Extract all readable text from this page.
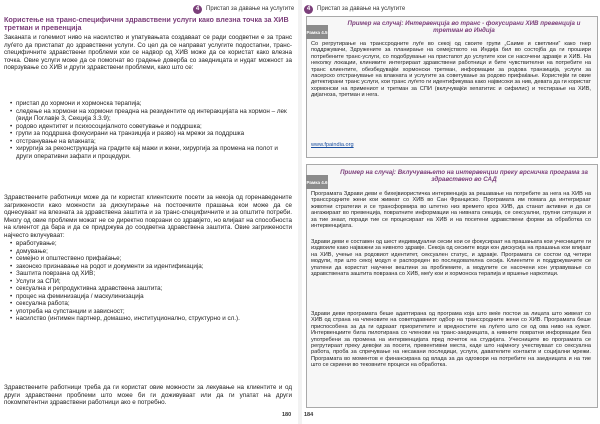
4	Пристап за давање на услугите
Користење на транс-специфични здравствени услуги како влезна точка за ХИВ третман и превенција
Заканата и големиот ниво на насилство и упатувањата создаваат се ради соодветни е за транс луѓето да пристапат до здравствени услуги. Со цел да се направат услугите подостапни, транс-специфичните здравствени проблеми кои се надвор од ХИВ може да се користат како влезна точка. Овие услуги може да се помогнат во градење доверба со заедницата и нудат можност за поврзување со ХИВ и други здравствени проблеми, како што се:
• пристап до хормони и хормонска терапија;
• следење на хормони на хормони преадна на резидентите од интеракцијата на хормон – лек (види Поглавје 3, Секција 3.3.9);
• родово идентитет и психосоцијалното советување и поддршка;
• групи за поддршка фокусирани на транзиција и разво) на мрежи за поддршка
• отстранување на влакната;
• хирургија за реконструкција на градите кај мажи и жени, хирургија за промена на полот и други оперативни зафати и процедури.
Здравствените работници може да ги користат клиентските посети за некоја од горенаведените загрижености како можности за дискутирање на постоечките прашања кои може да се однесуваат на влезната за здравствена заштита и за транс-специфичните и за општите потреби. Многу од овие проблеми можат не се директно поврзани со здравјето, но влијаат на способноста на клиентот да бара и да се придржува до соодветна здравствена заштита. Овие загрижености најчесто вклучуваат:
• вработување;
• домување;
• семејно и општествено прифаќање;
• законско признавање на родот и документи за идентификација;
• Заштита поврзана од ХИВ;
• Услуги за СПИ;
• сексуална и репродуктивна здравствена заштита;
• процес на феминизација / маскулинизација
• сексуална работа;
• употреба на супстанции и зависност;
• насилство (интимен партнер, домашно, институционално, структурно и сл.).
Здравствените работници треба да ги користат овие можности за лекување на клиентите и од други здравствени проблеми што може би ги доживуваат или да ги упатат на други покомпетентни здравствени работници ако е потребно.
180
4	Пристап за давање на услугите
Рамка 4.5
Пример на случај: Интервенција во транс - фокусирани ХИВ превенција и третман во Индија
Со регрутирање на транссродните луѓе во секој од своите групи „Саиме и светлини“ како гнер поддржувачи, Здружените за планирање на семејството на Индија бил во состојба да ги прошири потребените транс-услуги, со подобрување на пристапот до услугите кои се насочени здравје и ХИВ. На неколку локации, клиниките интегрираат здравствени работници и бите чувствителни на потребите на транс клиентите, обезбедувајќи хормонски третман, информации за родова транзиција, услуги за ласерско отстранување на влакната и услугите за советување за родово прифаќање. Користејќи ги овие детектирани транс услуги, кои транс луѓето ги идентификуваа како највисоки за нив, девата да ги користат хормонски на примениот и третман за СПИ (вклучувајќи хепатитис и сифилис) и тестирање на ХИВ, дијагноза, третман и нега.
www.fpaindia.org
Рамка 4.6
Пример на случај: Вклучувањето на интервенции преку врсничка програма за здравствено во САД
Програмата Здрави деви е бихејвиористичка интервенција за решавање на потребите за нега на ХИВ на транссродните жени кои живеат со ХИВ во Сан Франциско. Програмата им помага да интегрираат животни стратегии и се трансформира во штетно низ времето кроз ХИВ, да станат активни и да се ангажираат во превенција, повратните информации на нивната секција, се сексуални, групни ситуации и за тие знаат, поради тие се процесираат на ХИВ и на посетени здравствени форми за обработка со интервенцијата.
Здрави деви е составен од шест индивидуални сесии кои се фокусираат на прашањата кои учесниците ги издвоиле како најважни за нивното здравје. Секоја од сесиите води кон дискусија на прашања кои влијаат на ХИВ, учење на родовиот идентитет, сексуален статус, и здравје. Програмата се состои од четири модули, при што секој модул е распореден во последователна сесија. Клиентите и поддржувачите се упатени да користат научени вештини за проблемите, а модулите се насочени кон управување со здравствената заштита поврзана со ХИВ, меѓу кои и хормонска терапија и вршење наркотици.
Здрави деви програмата беше адаптирана од програма која што веќе постои за лицата што живеат со ХИВ од страна на членовите на советодавниот одбор на транссродните жени со ХИВ. Програмата беше приспособена за да ги одразат приоритетите и вредностите на луѓето што се од ова ниво на кужот. Интервенциите била пилотирана со членови на транс-заедницата, а нивните повратни информации беа употребени за промена на интервенцијата пред почеток на студијата. Учесниците во програмата се регрутираат преку девојки за посети, превентивни места, каде што најмногу учествуваат со сексуална работа, проба за спречување на несакани последици, услуги, давателите контакти и социјални мрежи. Програмата во моментов е финансирана од влада за да одговори на потребите на заедницата и на тие што се скриени во тековните процеси на обработка.
184
